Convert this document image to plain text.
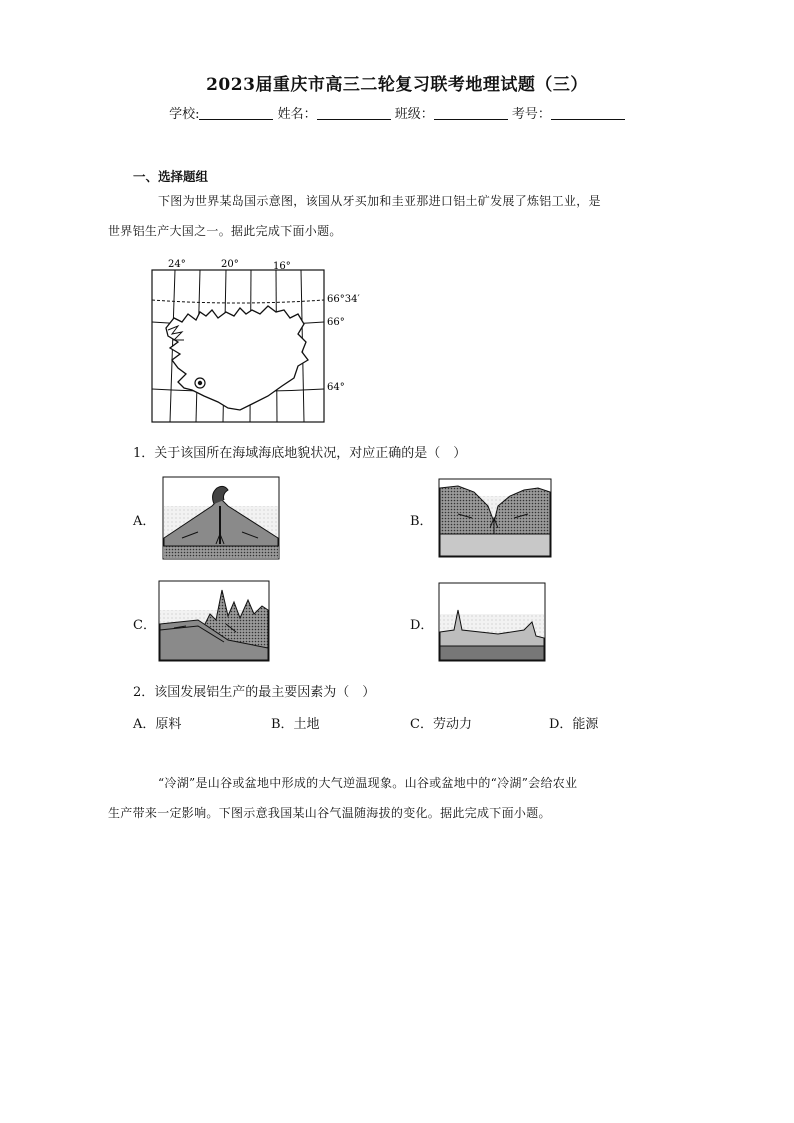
2023届重庆市高三二轮复习联考地理试题（三）
学校:	姓名：	班级：	考号：
一、选择题组
下图为世界某岛国示意图，该国从牙买加和圭亚那进口铝土矿发展了炼铝工业，是
世界铝生产大国之一。据此完成下面小题。
24°	20°	16°
66°34′
66°
64°
1．关于该国所在海域海底地貌状况，对应正确的是（　）
A．	B．
C．	D．
2．该国发展铝生产的最主要因素为（　）
A．原料	B．土地	C．劳动力	D．能源
“冷湖”是山谷或盆地中形成的大气逆温现象。山谷或盆地中的“冷湖”会给农业
生产带来一定影响。下图示意我国某山谷气温随海拔的变化。据此完成下面小题。
